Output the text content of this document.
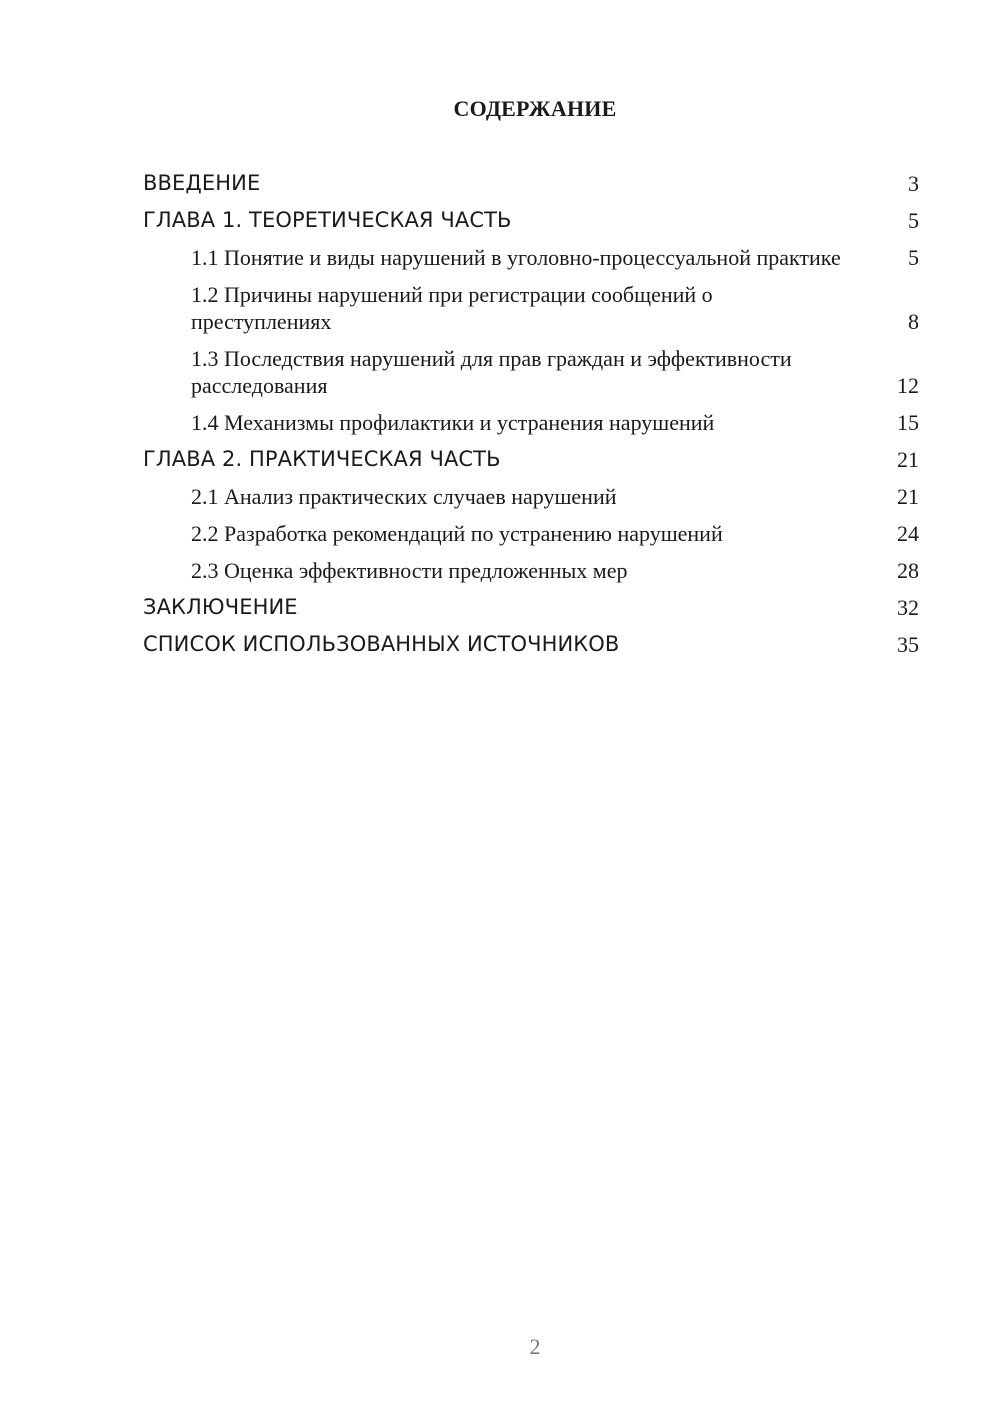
СОДЕРЖАНИЕ
ВВЕДЕНИЕ	3
ГЛАВА 1. ТЕОРЕТИЧЕСКАЯ ЧАСТЬ	5
1.1 Понятие и виды нарушений в уголовно-процессуальной практике	5
1.2 Причины нарушений при регистрации сообщений о преступлениях	8
1.3 Последствия нарушений для прав граждан и эффективности расследования	12
1.4 Механизмы профилактики и устранения нарушений	15
ГЛАВА 2. ПРАКТИЧЕСКАЯ ЧАСТЬ	21
2.1 Анализ практических случаев нарушений	21
2.2 Разработка рекомендаций по устранению нарушений	24
2.3 Оценка эффективности предложенных мер	28
ЗАКЛЮЧЕНИЕ	32
СПИСОК ИСПОЛЬЗОВАННЫХ ИСТОЧНИКОВ	35
2
